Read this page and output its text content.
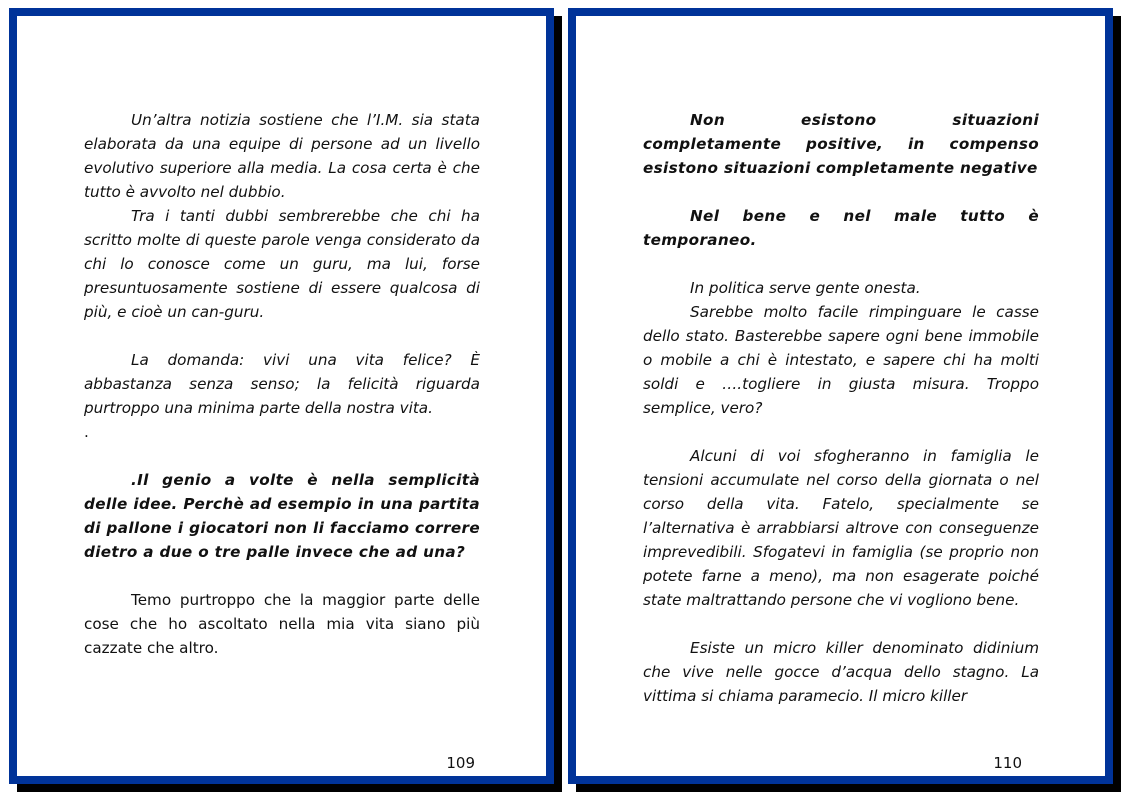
Un’altra notizia sostiene che l’I.M. sia stata elaborata da una equipe di persone ad un livello evolutivo superiore alla media. La cosa certa è che tutto è avvolto nel dubbio.

Tra i tanti dubbi sembrerebbe che chi ha scritto molte di queste parole venga considerato da chi lo conosce come un guru, ma lui, forse presuntuosamente sostiene di essere qualcosa di più, e cioè un can-guru.

La domanda: vivi una vita felice? È abbastanza senza senso; la felicità riguarda purtroppo una minima parte della nostra vita.

.

.Il genio a volte è nella semplicità delle idee. Perchè ad esempio in una partita di pallone i giocatori non li facciamo correre dietro a due o tre palle invece che ad una?

Temo purtroppo che la maggior parte delle cose che ho ascoltato nella mia vita siano più cazzate che altro.

109

Non esistono situazioni completamente positive, in compenso esistono situazioni completamente negative

Nel bene e nel male tutto è temporaneo.

In politica serve gente onesta.

Sarebbe molto facile rimpinguare le casse dello stato. Basterebbe sapere ogni bene immobile o mobile a chi è intestato, e sapere chi ha molti soldi e ….togliere in giusta misura. Troppo semplice, vero?

Alcuni di voi sfogheranno in famiglia le tensioni accumulate nel corso della giornata o nel corso della vita. Fatelo, specialmente se l’alternativa è arrabbiarsi altrove con conseguenze imprevedibili. Sfogatevi in famiglia (se proprio non potete farne a meno), ma non esagerate poiché state maltrattando persone che vi vogliono bene.

Esiste un micro killer denominato didinium che vive nelle gocce d’acqua dello stagno. La vittima si chiama paramecio. Il micro killer

110
